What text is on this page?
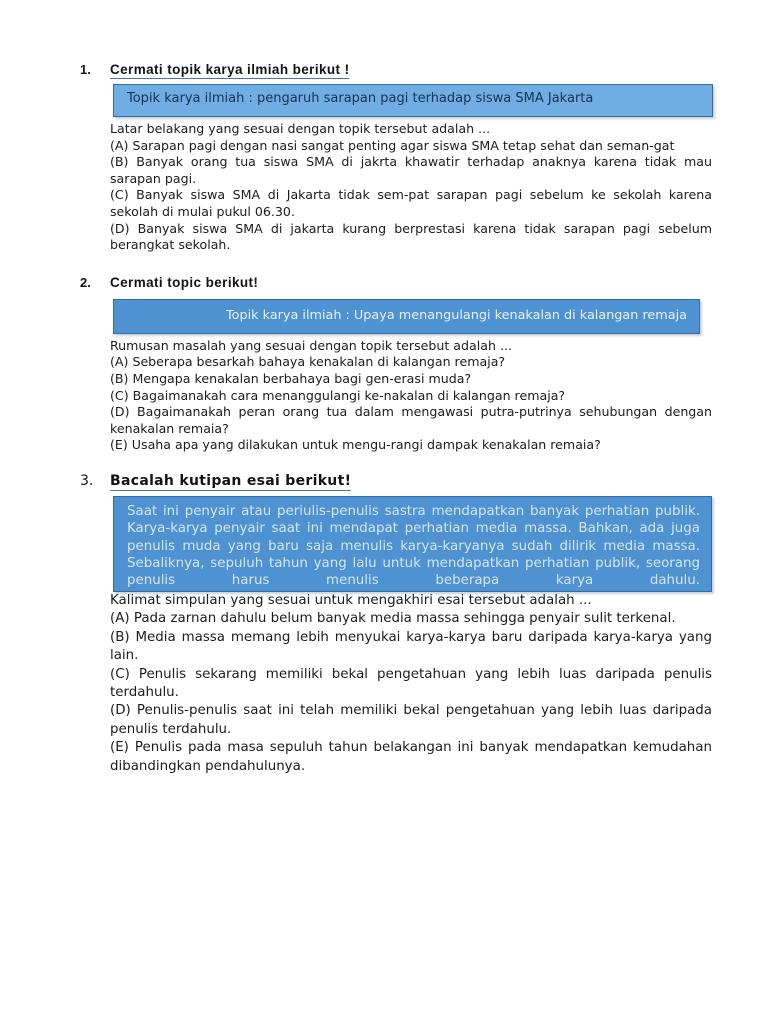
1.	Cermati topik karya ilmiah berikut !

Topik karya ilmiah : pengaruh sarapan pagi terhadap siswa SMA Jakarta

Latar belakang yang sesuai dengan topik tersebut adalah ...

(A) Sarapan pagi dengan nasi sangat penting agar siswa SMA tetap sehat dan seman-gat

(B) Banyak orang tua siswa SMA di jakrta khawatir terhadap anaknya karena tidak mau sarapan pagi.

(C) Banyak siswa SMA di Jakarta tidak sem-pat sarapan pagi sebelum ke sekolah karena sekolah di mulai pukul 06.30.

(D) Banyak siswa SMA di jakarta kurang berprestasi karena tidak sarapan pagi sebelum berangkat sekolah.

2.	Cermati topic berikut!

Topik karya ilmiah : Upaya menangulangi kenakalan di kalangan remaja

Rumusan masalah yang sesuai dengan topik tersebut adalah ...

(A) Seberapa besarkah bahaya kenakalan di kalangan remaja?

(B) Mengapa kenakalan berbahaya bagi gen-erasi muda?

(C) Bagaimanakah cara menanggulangi ke-nakalan di kalangan remaja?

(D) Bagaimanakah peran orang tua dalam mengawasi putra-putrinya sehubungan dengan kenakalan remaia?

(E) Usaha apa yang dilakukan untuk mengu-rangi dampak kenakalan remaia?

3.	Bacalah kutipan esai berikut!

Saat ini penyair atau periulis-penulis sastra mendapatkan banyak perhatian publik. Karya-karya penyair saat ini mendapat perhatian media massa. Bahkan, ada juga penulis muda yang baru saja menulis karya-karyanya sudah dilirik media massa. Sebaliknya, sepuluh tahun yang lalu untuk mendapatkan perhatian publik, seorang penulis harus menulis beberapa karya dahulu.

Kalimat simpulan yang sesuai untuk mengakhiri esai tersebut adalah ...

(A) Pada zarnan dahulu belum banyak media massa sehingga penyair sulit terkenal.

(B) Media massa memang lebih menyukai karya-karya baru daripada karya-karya yang lain.

(C) Penulis sekarang memiliki bekal pengetahuan yang lebih luas daripada penulis terdahulu.

(D) Penulis-penulis saat ini telah memiliki bekal pengetahuan yang lebih luas daripada penulis terdahulu.

(E) Penulis pada masa sepuluh tahun belakangan ini banyak mendapatkan kemudahan dibandingkan pendahulunya.
